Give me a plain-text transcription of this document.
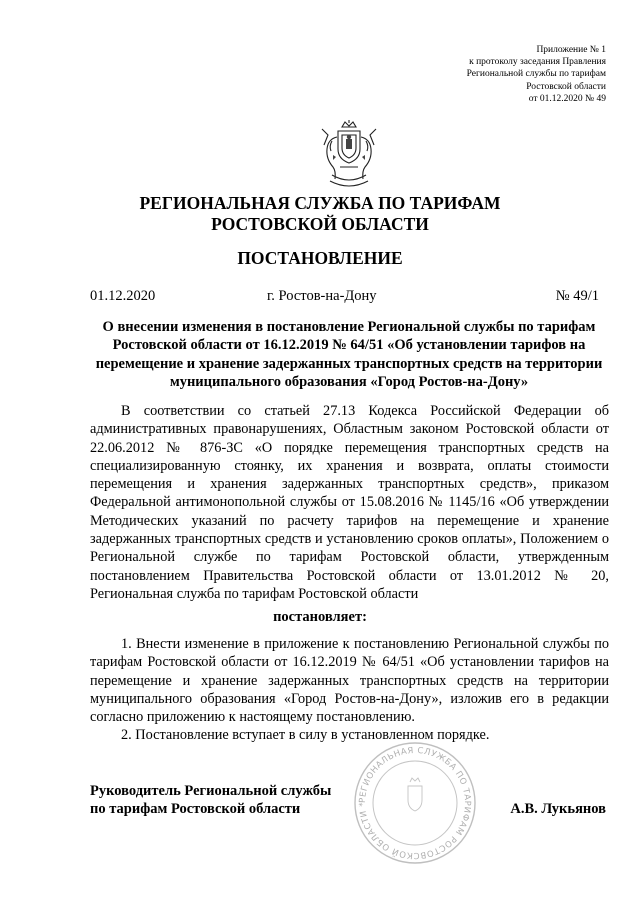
Приложение № 1
к протоколу заседания Правления
Региональной службы по тарифам
Ростовской области
от 01.12.2020 № 49
РЕГИОНАЛЬНАЯ СЛУЖБА ПО ТАРИФАМ
РОСТОВСКОЙ ОБЛАСТИ
ПОСТАНОВЛЕНИЕ
01.12.2020	г. Ростов-на-Дону	№ 49/1
О внесении изменения в постановление Региональной службы по тарифам Ростовской области от 16.12.2019 № 64/51 «Об установлении тарифов на перемещение и хранение задержанных транспортных средств на территории муниципального образования «Город Ростов-на-Дону»
В соответствии со статьей 27.13 Кодекса Российской Федерации об административных правонарушениях, Областным законом Ростовской области от 22.06.2012 № 876-ЗС «О порядке перемещения транспортных средств на специализированную стоянку, их хранения и возврата, оплаты стоимости перемещения и хранения задержанных транспортных средств», приказом Федеральной антимонопольной службы от 15.08.2016 № 1145/16 «Об утверждении Методических указаний по расчету тарифов на перемещение и хранение задержанных транспортных средств и установлению сроков оплаты», Положением о Региональной службе по тарифам Ростовской области, утвержденным постановлением Правительства Ростовской области от 13.01.2012 № 20, Региональная служба по тарифам Ростовской области
постановляет:
1. Внести изменение в приложение к постановлению Региональной службы по тарифам Ростовской области от 16.12.2019 № 64/51 «Об установлении тарифов на перемещение и хранение задержанных транспортных средств на территории муниципального образования «Город Ростов-на-Дону», изложив его в редакции согласно приложению к настоящему постановлению.
2. Постановление вступает в силу в установленном порядке.
РЕГИОНАЛЬНАЯ СЛУЖБА ПО ТАРИФАМ РОСТОВСКОЙ ОБЛАСТИ *
Руководитель Региональной службы
по тарифам Ростовской области	А.В. Лукьянов
